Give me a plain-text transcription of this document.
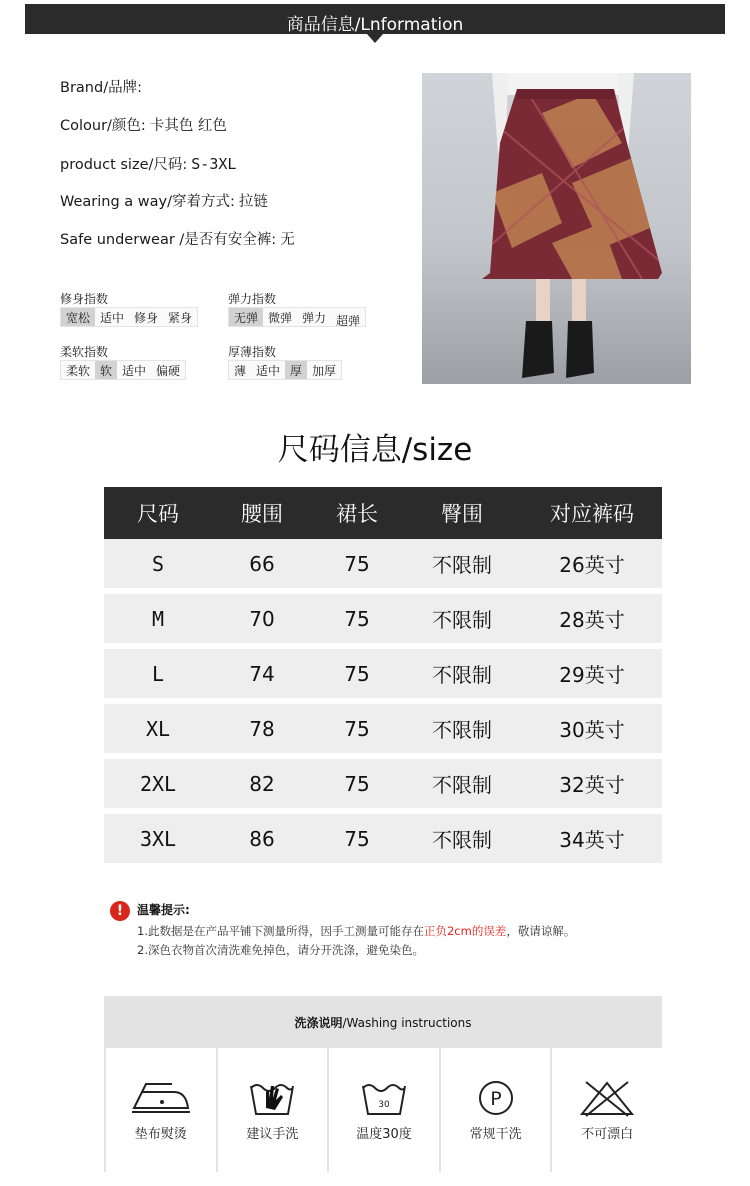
商品信息/Lnformation
Brand/品牌:
Colour/颜色: 卡其色 红色
product size/尺码: S-3XL
Wearing a way/穿着方式: 拉链
Safe underwear /是否有安全裤: 无
修身指数
宽松 适中 修身 紧身
弹力指数
无弹 微弹 弹力 超弹
柔软指数
柔软 软 适中 偏硬
厚薄指数
薄 适中 厚 加厚
尺码信息/size
尺码	腰围	裙长	臀围	对应裤码
S	66	75	不限制	26英寸
M	70	75	不限制	28英寸
L	74	75	不限制	29英寸
XL	78	75	不限制	30英寸
2XL	82	75	不限制	32英寸
3XL	86	75	不限制	34英寸
!	温馨提示:
1.此数据是在产品平铺下测量所得，因手工测量可能存在正负2cm的误差，敬请谅解。
2.深色衣物首次清洗难免掉色，请分开洗涤，避免染色。
洗涤说明/Washing instructions
垫布熨烫	建议手洗
30
温度30度
P
常规干洗	不可漂白
